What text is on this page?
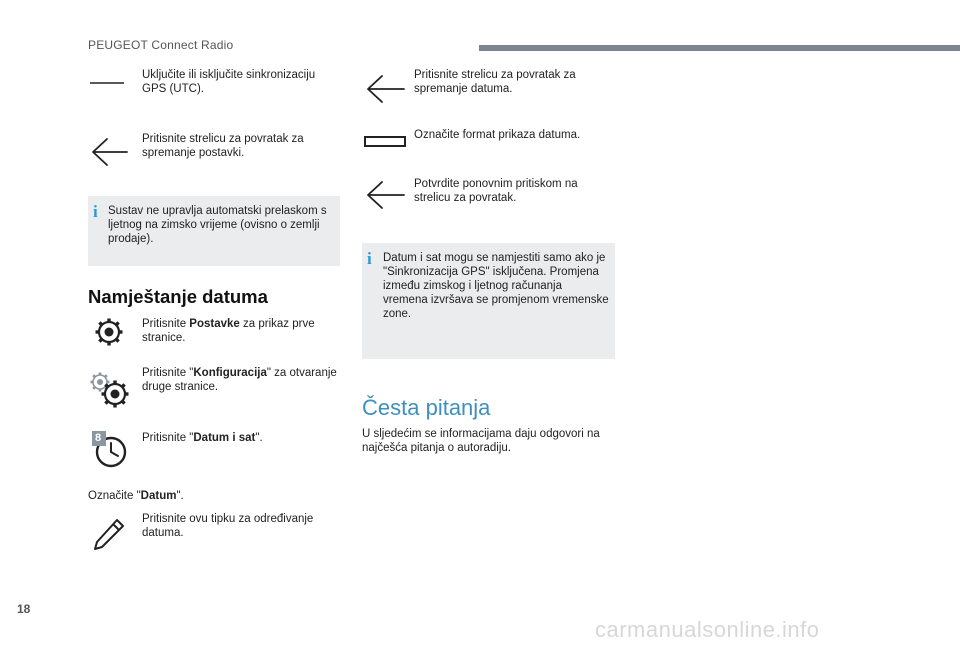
PEUGEOT Connect Radio
Uključite ili isključite sinkronizaciju GPS (UTC).
Pritisnite strelicu za povratak za spremanje postavki.
i Sustav ne upravlja automatski prelaskom s ljetnog na zimsko vrijeme (ovisno o zemlji prodaje).
Namještanje datuma
Pritisnite Postavke za prikaz prve stranice.
Pritisnite "Konfiguracija" za otvaranje druge stranice.
8	Pritisnite "Datum i sat".
Označite "Datum".
Pritisnite ovu tipku za određivanje datuma.
Pritisnite strelicu za povratak za spremanje datuma.
Označite format prikaza datuma.
Potvrdite ponovnim pritiskom na strelicu za povratak.
i Datum i sat mogu se namjestiti samo ako je "Sinkronizacija GPS" isključena. Promjena između zimskog i ljetnog računanja vremena izvršava se promjenom vremenske zone.
Česta pitanja
U sljedećim se informacijama daju odgovori na najčešća pitanja o autoradiju.
18
carmanualsonline.info
